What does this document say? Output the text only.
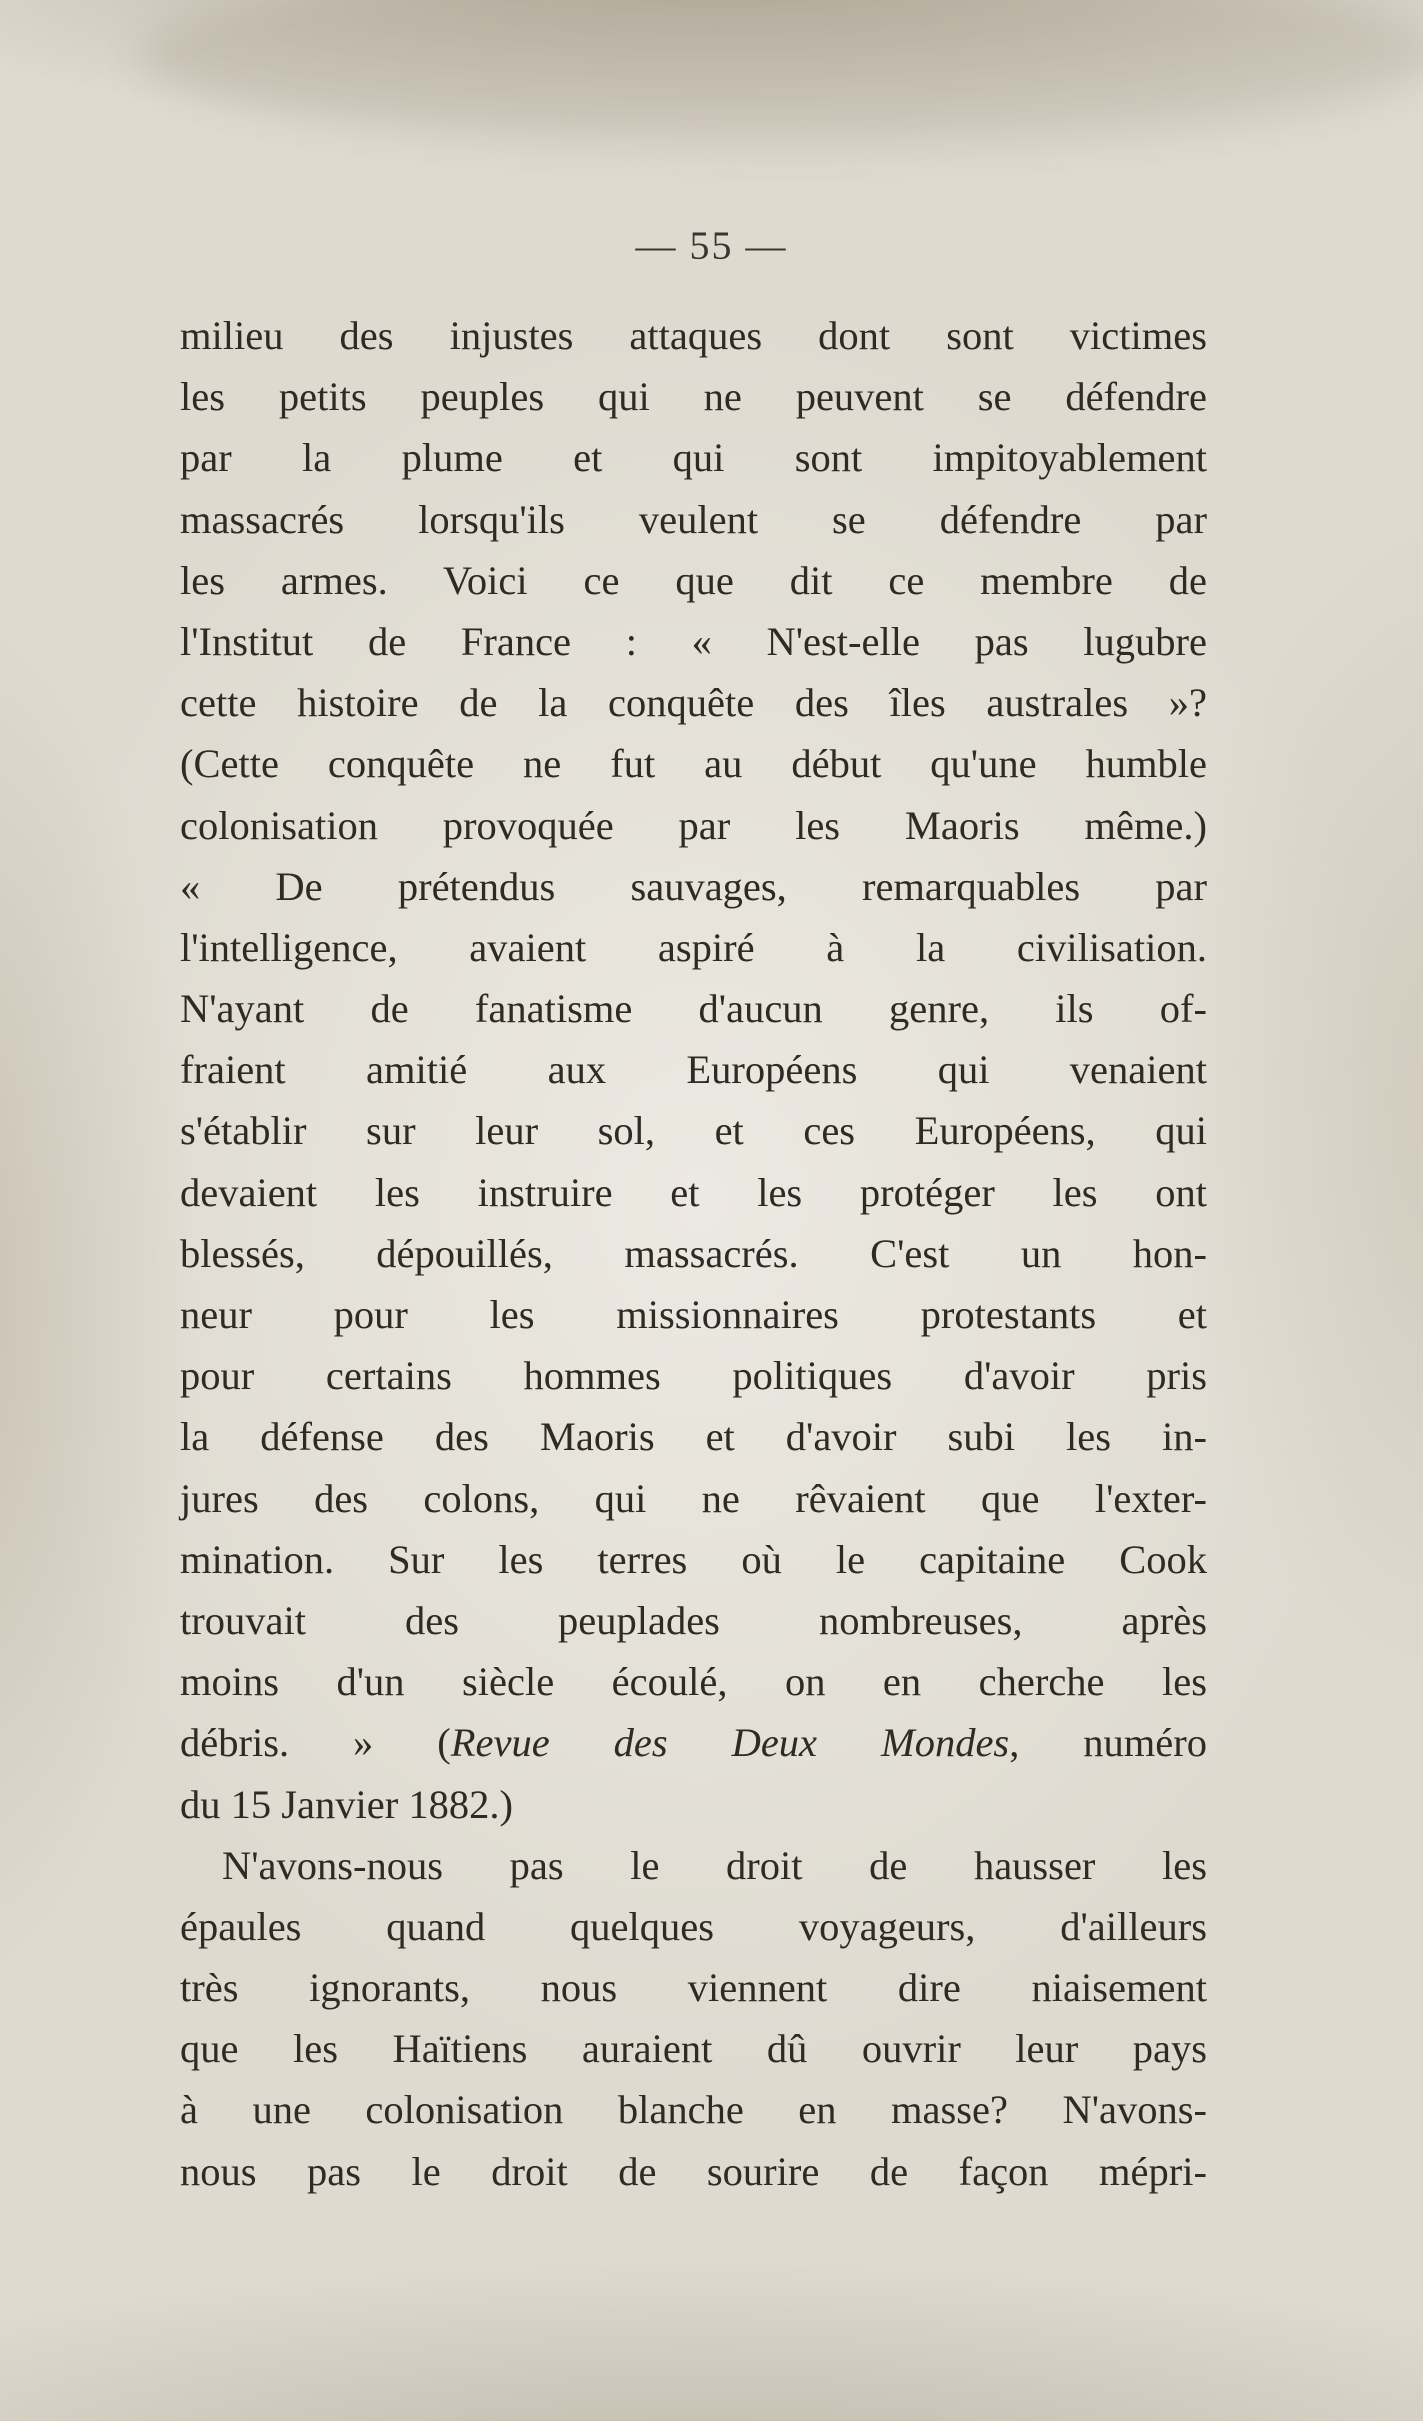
— 55 —
milieu des injustes attaques dont sont victimes
les petits peuples qui ne peuvent se défendre
par la plume et qui sont impitoyablement
massacrés lorsqu'ils veulent se défendre par
les armes. Voici ce que dit ce membre de
l'Institut de France : « N'est-elle pas lugubre
cette histoire de la conquête des îles australes »?
(Cette conquête ne fut au début qu'une humble
colonisation provoquée par les Maoris même.)
« De prétendus sauvages, remarquables par
l'intelligence, avaient aspiré à la civilisation.
N'ayant de fanatisme d'aucun genre, ils of-
fraient amitié aux Européens qui venaient
s'établir sur leur sol, et ces Européens, qui
devaient les instruire et les protéger les ont
blessés, dépouillés, massacrés. C'est un hon-
neur pour les missionnaires protestants et
pour certains hommes politiques d'avoir pris
la défense des Maoris et d'avoir subi les in-
jures des colons, qui ne rêvaient que l'exter-
mination. Sur les terres où le capitaine Cook
trouvait des peuplades nombreuses, après
moins d'un siècle écoulé, on en cherche les
débris. » (Revue des Deux Mondes, numéro
du 15 Janvier 1882.)
N'avons-nous pas le droit de hausser les
épaules quand quelques voyageurs, d'ailleurs
très ignorants, nous viennent dire niaisement
que les Haïtiens auraient dû ouvrir leur pays
à une colonisation blanche en masse? N'avons-
nous pas le droit de sourire de façon mépri-
